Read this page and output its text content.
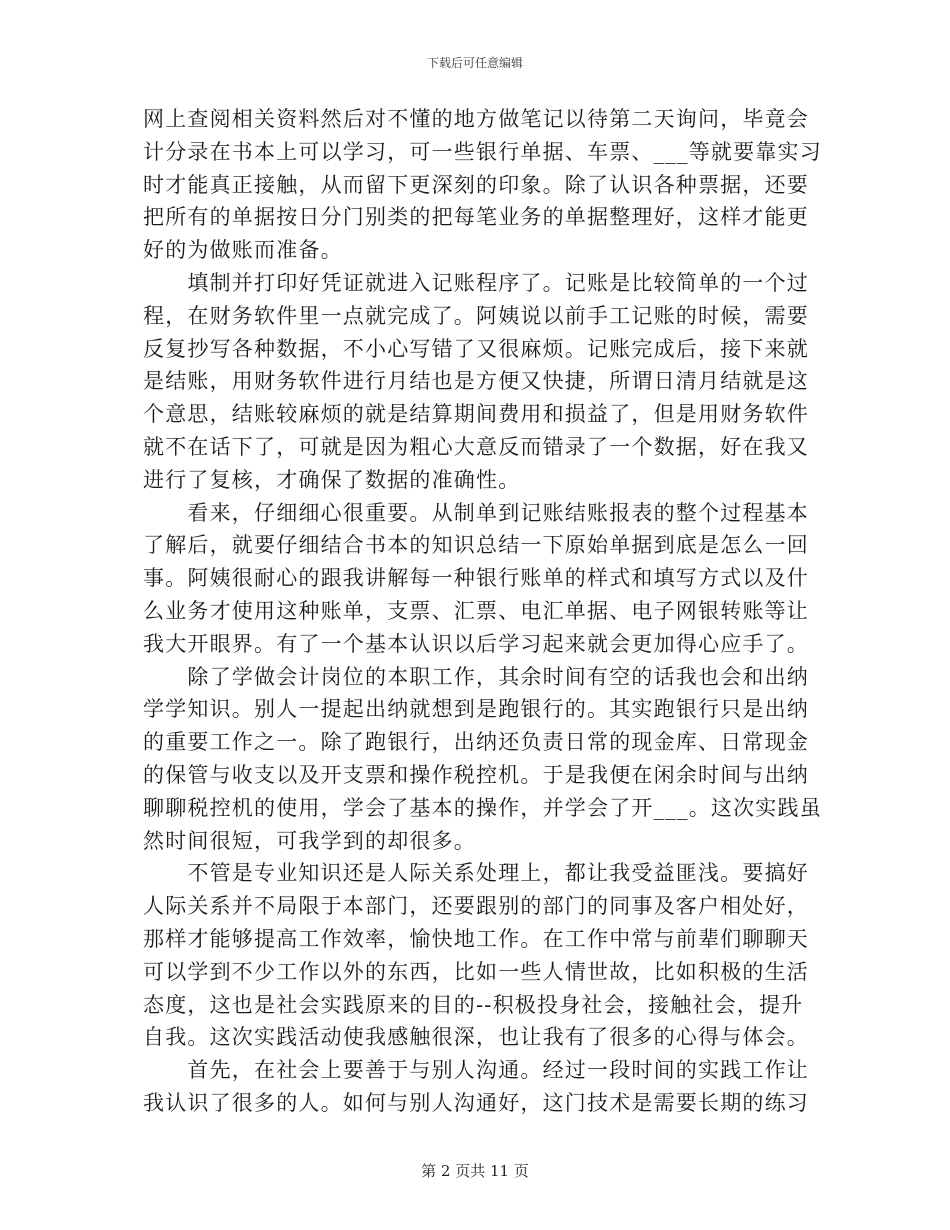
下载后可任意编辑
网上查阅相关资料然后对不懂的地方做笔记以待第二天询问，毕竟会
计分录在书本上可以学习，可一些银行单据、车票、___等就要靠实习
时才能真正接触，从而留下更深刻的印象。除了认识各种票据，还要
把所有的单据按日分门别类的把每笔业务的单据整理好，这样才能更
好的为做账而准备。
　　填制并打印好凭证就进入记账程序了。记账是比较简单的一个过
程，在财务软件里一点就完成了。阿姨说以前手工记账的时候，需要
反复抄写各种数据，不小心写错了又很麻烦。记账完成后，接下来就
是结账，用财务软件进行月结也是方便又快捷，所谓日清月结就是这
个意思，结账较麻烦的就是结算期间费用和损益了，但是用财务软件
就不在话下了，可就是因为粗心大意反而错录了一个数据，好在我又
进行了复核，才确保了数据的准确性。
　　看来，仔细细心很重要。从制单到记账结账报表的整个过程基本
了解后，就要仔细结合书本的知识总结一下原始单据到底是怎么一回
事。阿姨很耐心的跟我讲解每一种银行账单的样式和填写方式以及什
么业务才使用这种账单，支票、汇票、电汇单据、电子网银转账等让
我大开眼界。有了一个基本认识以后学习起来就会更加得心应手了。
　　除了学做会计岗位的本职工作，其余时间有空的话我也会和出纳
学学知识。别人一提起出纳就想到是跑银行的。其实跑银行只是出纳
的重要工作之一。除了跑银行，出纳还负责日常的现金库、日常现金
的保管与收支以及开支票和操作税控机。于是我便在闲余时间与出纳
聊聊税控机的使用，学会了基本的操作，并学会了开___。这次实践虽
然时间很短，可我学到的却很多。
　　不管是专业知识还是人际关系处理上，都让我受益匪浅。要搞好
人际关系并不局限于本部门，还要跟别的部门的同事及客户相处好，
那样才能够提高工作效率，愉快地工作。在工作中常与前辈们聊聊天
可以学到不少工作以外的东西，比如一些人情世故，比如积极的生活
态度，这也是社会实践原来的目的--积极投身社会，接触社会，提升
自我。这次实践活动使我感触很深，也让我有了很多的心得与体会。
　　首先，在社会上要善于与别人沟通。经过一段时间的实践工作让
我认识了很多的人。如何与别人沟通好，这门技术是需要长期的练习
第 2 页共 11 页
